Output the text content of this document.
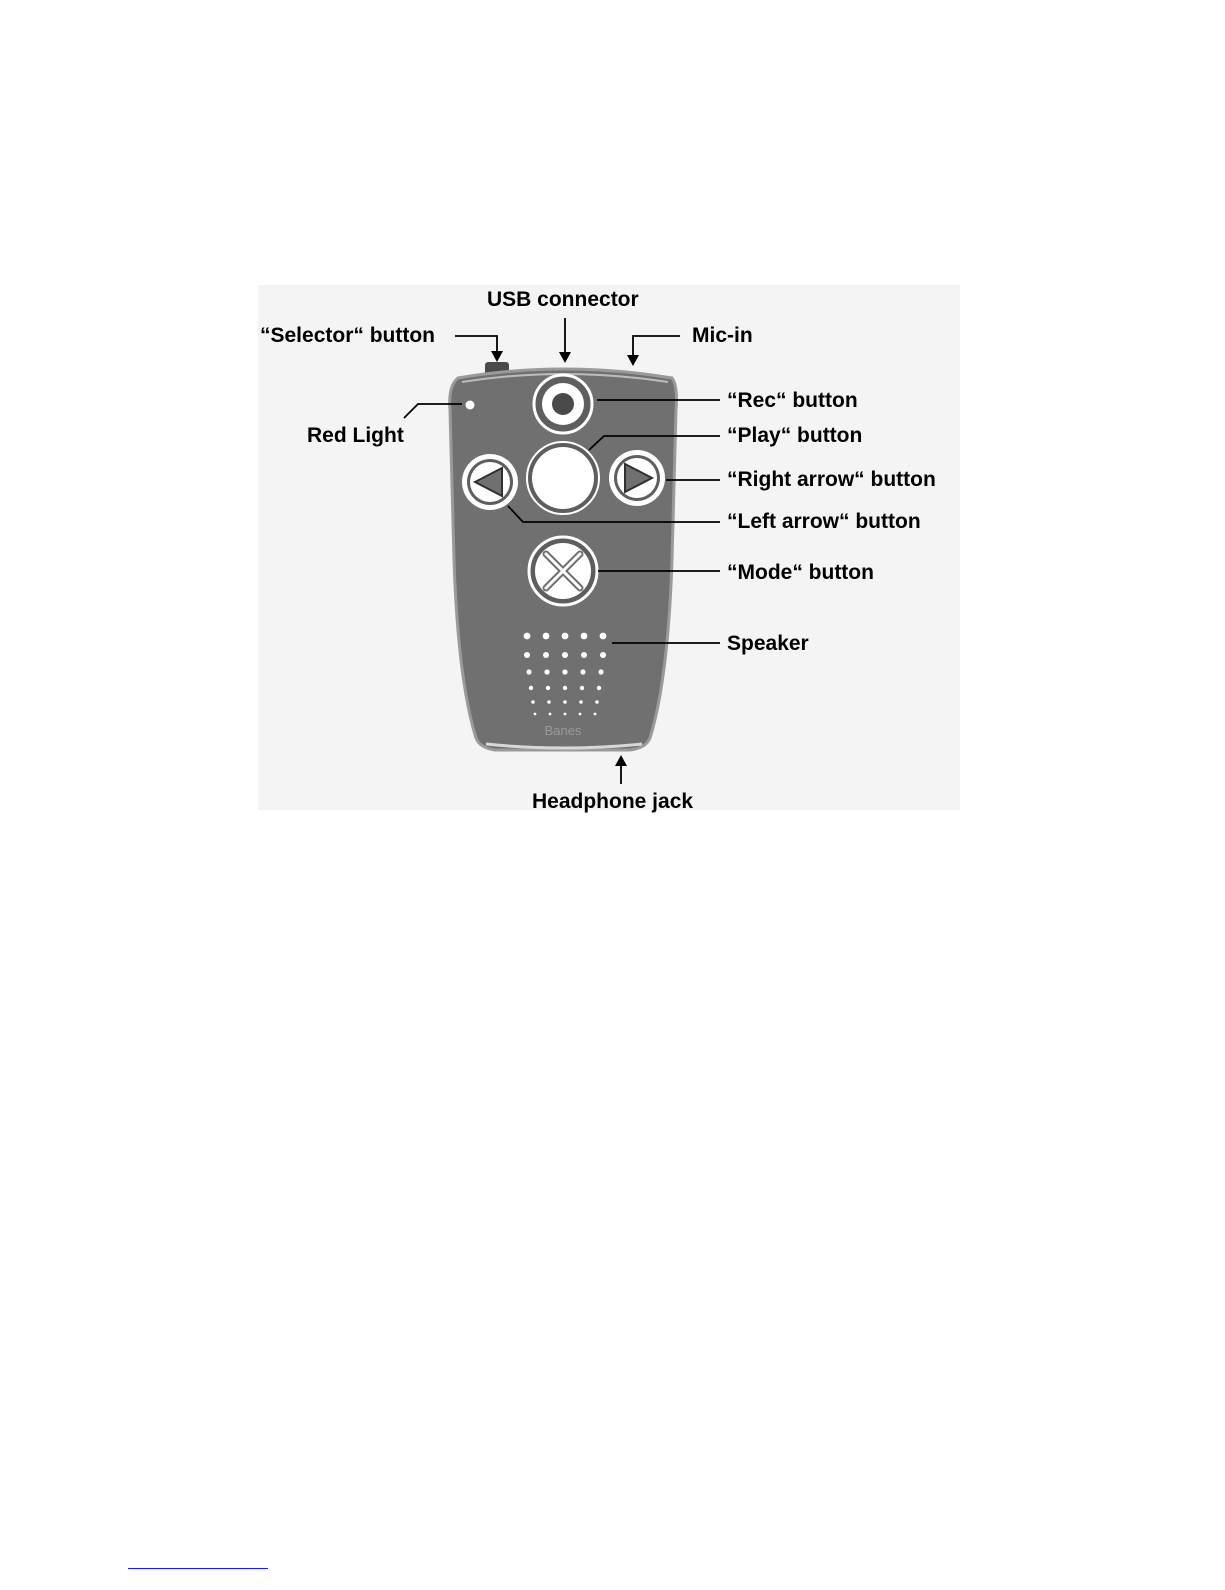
Banes
USB connector
“Selector“ button	Mic-in
“Rec“ button
Red Light	“Play“ button
“Right arrow“ button
“Left arrow“ button
“Mode“ button
Speaker
Headphone jack
